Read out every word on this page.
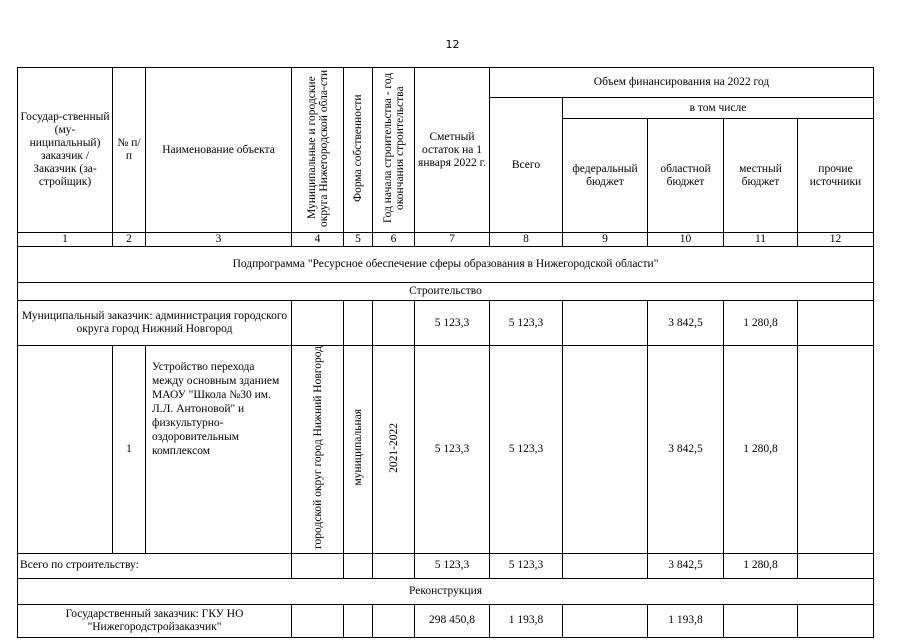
12
Государ-ственный (му-ниципальный) заказчик / Заказчик (за-стройщик)	№ п/п	Наименование объекта	Муниципальные и городские округа Нижегородской обла-сти	Форма собственности	Год начала строительства - год окончания строительства	Сметный остаток на 1 января 2022 г.	Объем финансирования на 2022 год				
							Всего	в том числе			
								федеральный бюджет	областной бюджет	местный бюджет	прочие источники
1	2	3	4	5	6	7	8	9	10	11	12
Подпрограмма "Ресурсное обеспечение сферы образования в Нижегородской области"											
Строительство											
Муниципальный заказчик: администрация городского округа город Нижний Новгород						5 123,3	5 123,3		3 842,5	1 280,8	
	1	Устройство перехода между основным зданием МАОУ "Школа №30 им. Л.Л. Антоновой" и физкультурно-оздоровительным комплексом	городской округ город Нижний Новгород	муниципальная	2021-2022	5 123,3	5 123,3		3 842,5	1 280,8	
Всего по строительству:						5 123,3	5 123,3		3 842,5	1 280,8	
Реконструкция											
Государственный заказчик: ГКУ НО "Нижегородстройзаказчик"						298 450,8	1 193,8		1 193,8		
